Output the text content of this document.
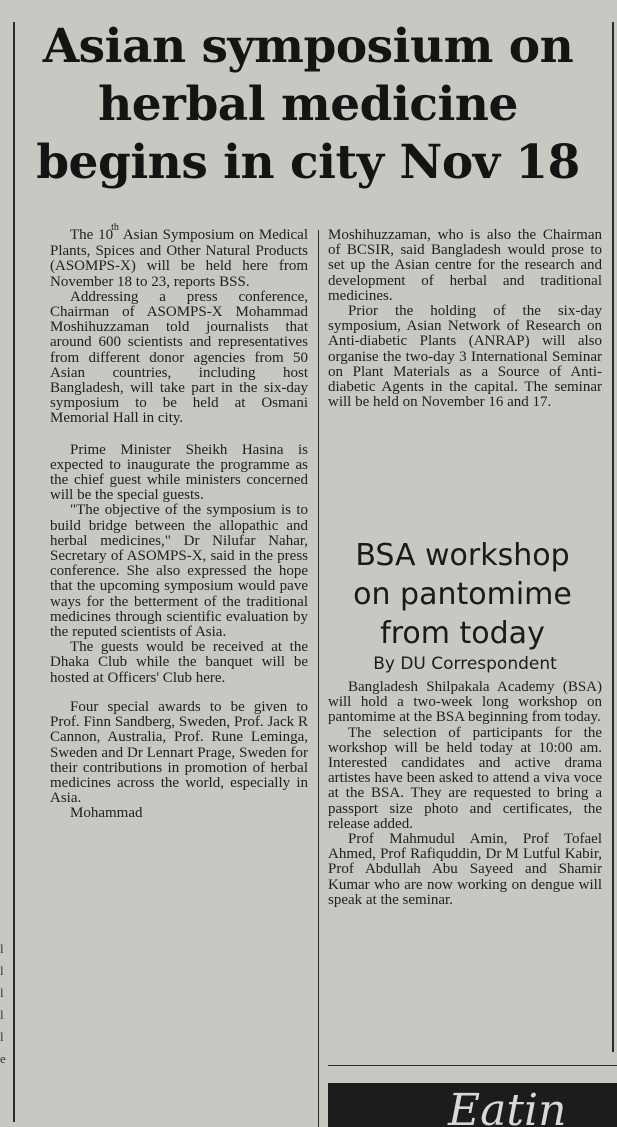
l
l
l
l
l
e
Asian symposium on
herbal medicine
begins in city Nov 18

The 10th Asian Symposium on Medical Plants, Spices and Other Natural Products (ASOMPS-X) will be held here from November 18 to 23, reports BSS.

Addressing a press conference, Chairman of ASOMPS-X Mohammad Moshihuzzaman told journalists that around 600 scientists and representatives from different donor agencies from 50 Asian countries, including host Bangladesh, will take part in the six-day symposium to be held at Osmani Memorial Hall in city.

Prime Minister Sheikh Hasina is expected to inaugurate the programme as the chief guest while ministers concerned will be the special guests.

"The objective of the symposium is to build bridge between the allopathic and herbal medicines," Dr Nilufar Nahar, Secretary of ASOMPS-X, said in the press conference. She also expressed the hope that the upcoming symposium would pave ways for the betterment of the traditional medicines through scientific evaluation by the reputed scientists of Asia.

The guests would be received at the Dhaka Club while the banquet will be hosted at Officers' Club here.

Four special awards to be given to Prof. Finn Sandberg, Sweden, Prof. Jack R Cannon, Australia, Prof. Rune Leminga, Sweden and Dr Lennart Prage, Sweden for their contributions in promotion of herbal medicines across the world, especially in Asia.

Mohammad

Moshihuzzaman, who is also the Chairman of BCSIR, said Bangladesh would prose to set up the Asian centre for the research and development of herbal and traditional medicines.

Prior the holding of the six-day symposium, Asian Network of Research on Anti-diabetic Plants (ANRAP) will also organise the two-day 3 International Seminar on Plant Materials as a Source of Anti-diabetic Agents in the capital. The seminar will be held on November 16 and 17.

BSA workshop
on pantomime
from today
By DU Correspondent

Bangladesh Shilpakala Academy (BSA) will hold a two-week long workshop on pantomime at the BSA beginning from today.

The selection of participants for the workshop will be held today at 10:00 am. Interested candidates and active drama artistes have been asked to attend a viva voce at the BSA. They are requested to bring a passport size photo and certificates, the release added.

Prof Mahmudul Amin, Prof Tofael Ahmed, Prof Rafiquddin, Dr M Lutful Kabir, Prof Abdullah Abu Sayeed and Shamir Kumar who are now working on dengue will speak at the seminar.

Eatin
